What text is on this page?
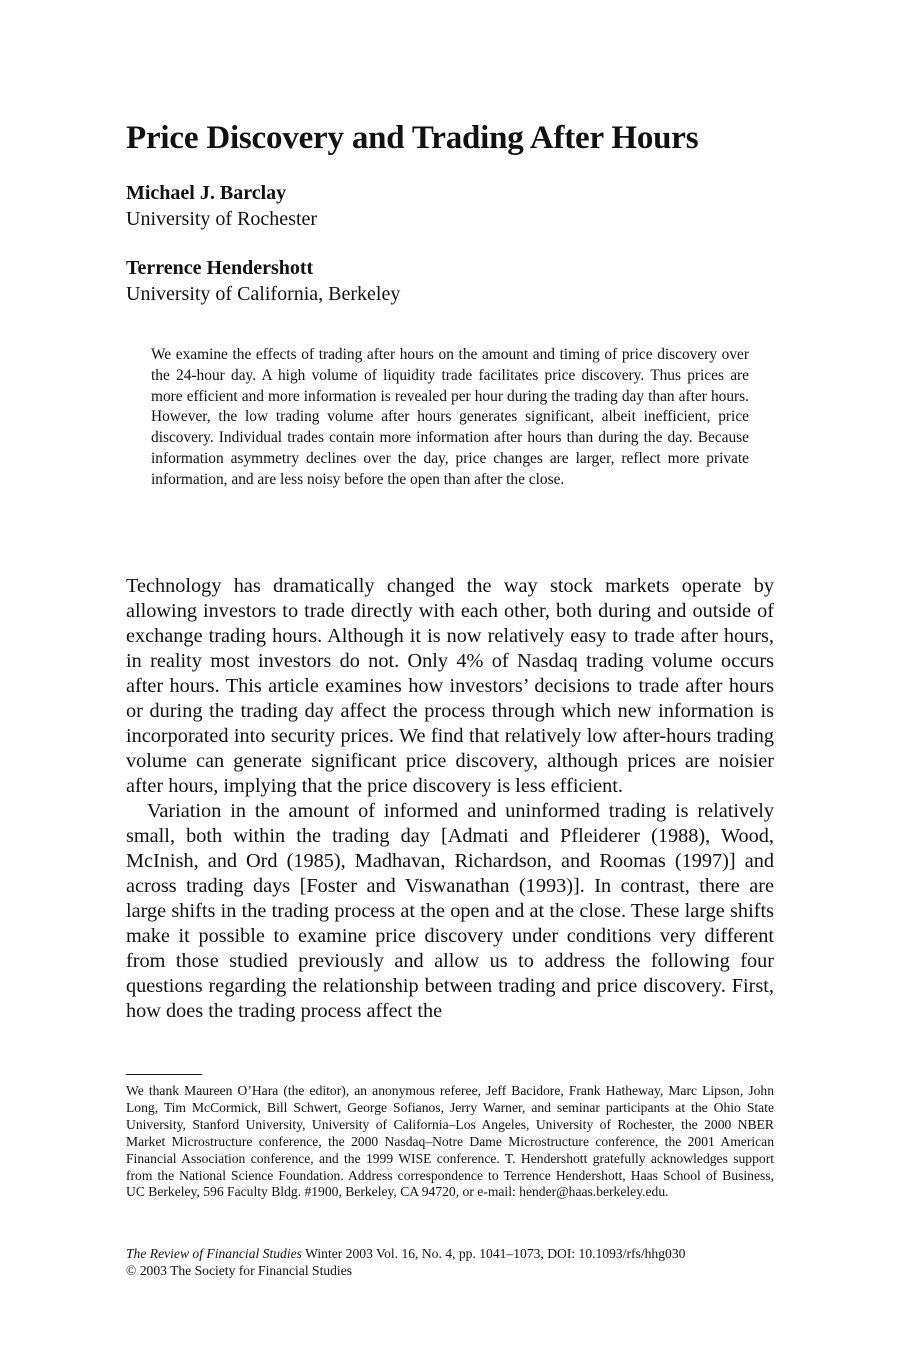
Price Discovery and Trading After Hours
Michael J. Barclay
University of Rochester
Terrence Hendershott
University of California, Berkeley
We examine the effects of trading after hours on the amount and timing of price discovery over the 24-hour day. A high volume of liquidity trade facilitates price discovery. Thus prices are more efficient and more information is revealed per hour during the trading day than after hours. However, the low trading volume after hours generates significant, albeit inefficient, price discovery. Individual trades contain more information after hours than during the day. Because information asymmetry declines over the day, price changes are larger, reflect more private information, and are less noisy before the open than after the close.

Technology has dramatically changed the way stock markets operate by allowing investors to trade directly with each other, both during and outside of exchange trading hours. Although it is now relatively easy to trade after hours, in reality most investors do not. Only 4% of Nasdaq trading volume occurs after hours. This article examines how investors’ decisions to trade after hours or during the trading day affect the process through which new information is incorporated into security prices. We find that relatively low after-hours trading volume can generate significant price discovery, although prices are noisier after hours, implying that the price discovery is less efficient.

Variation in the amount of informed and uninformed trading is relatively small, both within the trading day [Admati and Pfleiderer (1988), Wood, McInish, and Ord (1985), Madhavan, Richardson, and Roomas (1997)] and across trading days [Foster and Viswanathan (1993)]. In contrast, there are large shifts in the trading process at the open and at the close. These large shifts make it possible to examine price discovery under conditions very different from those studied previously and allow us to address the following four questions regarding the relationship between trading and price discovery. First, how does the trading process affect the

We thank Maureen O’Hara (the editor), an anonymous referee, Jeff Bacidore, Frank Hatheway, Marc Lipson, John Long, Tim McCormick, Bill Schwert, George Sofianos, Jerry Warner, and seminar participants at the Ohio State University, Stanford University, University of California–Los Angeles, University of Rochester, the 2000 NBER Market Microstructure conference, the 2000 Nasdaq–Notre Dame Microstructure conference, the 2001 American Financial Association conference, and the 1999 WISE conference. T. Hendershott gratefully acknowledges support from the National Science Foundation. Address correspondence to Terrence Hendershott, Haas School of Business, UC Berkeley, 596 Faculty Bldg. #1900, Berkeley, CA 94720, or e-mail: hender@haas.berkeley.edu.
The Review of Financial Studies Winter 2003 Vol. 16, No. 4, pp. 1041–1073, DOI: 10.1093/rfs/hhg030
© 2003 The Society for Financial Studies
